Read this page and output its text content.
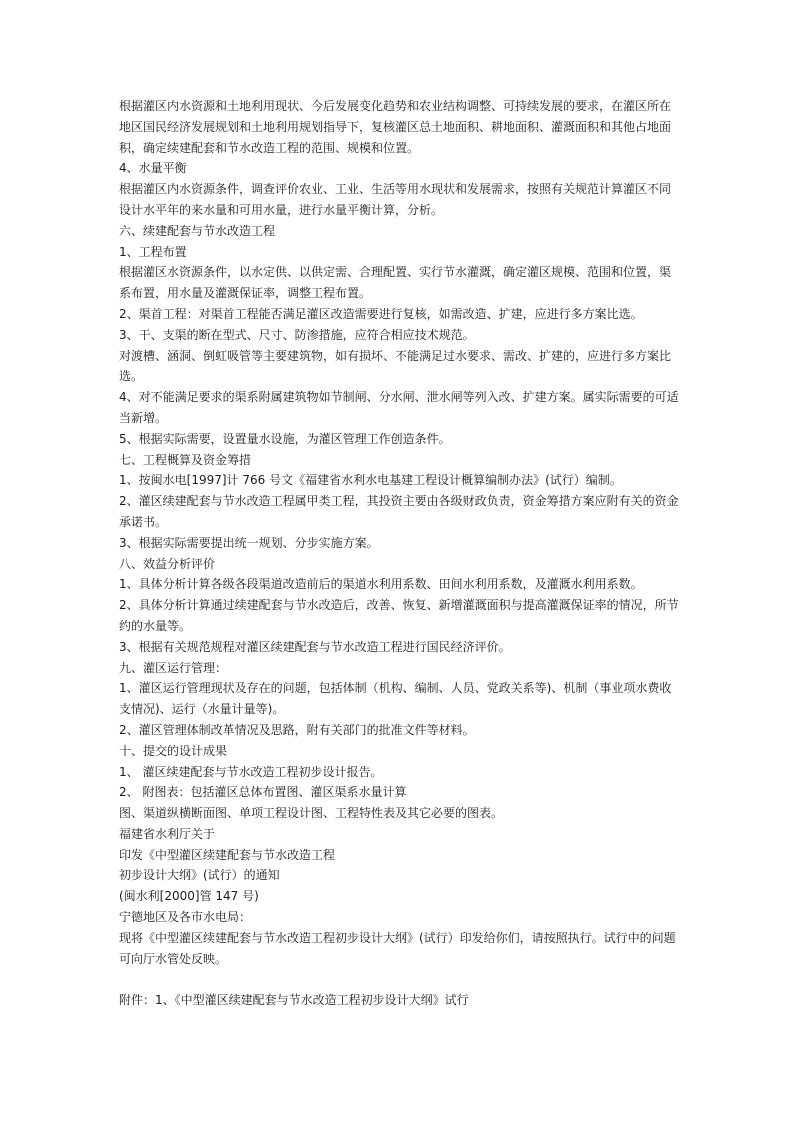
根据灌区内水资源和土地利用现状、今后发展变化趋势和农业结构调整、可持续发展的要求，在灌区所在地区国民经济发展规划和土地利用规划指导下，复核灌区总土地面积、耕地面积、灌溉面积和其他占地面积，确定续建配套和节水改造工程的范围、规模和位置。

4、水量平衡

根据灌区内水资源条件，调查评价农业、工业、生活等用水现状和发展需求，按照有关规范计算灌区不同设计水平年的来水量和可用水量，进行水量平衡计算，分析。

六、续建配套与节水改造工程

1、工程布置

根据灌区水资源条件，以水定供、以供定需、合理配置、实行节水灌溉，确定灌区规模、范围和位置，渠系布置，用水量及灌溉保证率，调整工程布置。

2、渠首工程：对渠首工程能否满足灌区改造需要进行复核，如需改造、扩建，应进行多方案比选。

3、干、支渠的断在型式、尺寸、防渗措施，应符合相应技术规范。

对渡槽、涵洞、倒虹吸管等主要建筑物，如有损坏、不能满足过水要求、需改、扩建的，应进行多方案比选。

4、对不能满足要求的渠系附属建筑物如节制闸、分水闸、泄水闸等列入改、扩建方案。属实际需要的可适当新增。

5、根据实际需要，设置量水设施，为灌区管理工作创造条件。

七、工程概算及资金筹措

1、按闽水电[1997]计 766 号文《福建省水利水电基建工程设计概算编制办法》(试行）编制。

2、灌区续建配套与节水改造工程属甲类工程，其投资主要由各级财政负责，资金筹措方案应附有关的资金承诺书。

3、根据实际需要提出统一规划、分步实施方案。

八、效益分析评价

1、具体分析计算各级各段渠道改造前后的渠道水利用系数、田间水利用系数，及灌溉水利用系数。

2、具体分析计算通过续建配套与节水改造后，改善、恢复、新增灌溉面积与提高灌溉保证率的情况，所节约的水量等。

3、根据有关规范规程对灌区续建配套与节水改造工程进行国民经济评价。

九、灌区运行管理：

1、灌区运行管理现状及存在的问题，包括体制（机构、编制、人员、党政关系等)、机制（事业项水费收支情况)、运行（水量计量等)。

2、灌区管理体制改革情况及思路，附有关部门的批准文件等材料。

十、提交的设计成果

1、 灌区续建配套与节水改造工程初步设计报告。

2、 附图表：包括灌区总体布置图、灌区渠系水量计算

图、渠道纵横断面图、单项工程设计图、工程特性表及其它必要的图表。

福建省水利厅关于

印发《中型灌区续建配套与节水改造工程

初步设计大纲》(试行）的通知

(闽水利[2000]管 147 号)

宁德地区及各市水电局：

现将《中型灌区续建配套与节水改造工程初步设计大纲》(试行）印发给你们，请按照执行。试行中的问题可向厅水管处反映。

附件：1、《中型灌区续建配套与节水改造工程初步设计大纲》试行
